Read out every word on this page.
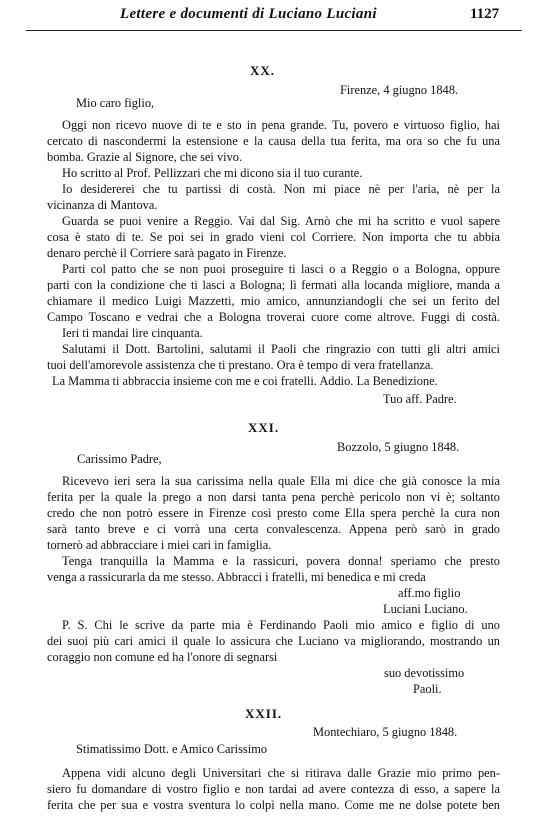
Lettere e documenti di Luciano Luciani	1127
XX.
Firenze, 4 giugno 1848.
Mio caro figlio,
Oggi non ricevo nuove di te e sto in pena grande. Tu, povero e virtuoso figlio, hai
cercato di nascondermi la estensione e la causa della tua ferita, ma ora so che fu una
bomba. Grazie al Signore, che sei vivo.
Ho scritto al Prof. Pellizzari che mi dicono sia il tuo curante.
Io desidererei che tu partissi di costà. Non mi piace nè per l'aria, nè per la
vicinanza di Mantova.
Guarda se puoi venire a Reggio. Vai dal Sig. Arnò che mi ha scritto e vuol sapere
cosa è stato di te. Se poi sei in grado vieni col Corriere. Non importa che tu abbia
denaro perchè il Corriere sarà pagato in Firenze.
Parti col patto che se non puoi proseguire ti lasci o a Reggio o a Bologna, oppure
parti con la condizione che ti lasci a Bologna; lì fermati alla locanda migliore, manda a
chiamare il medico Luigi Mazzetti, mio amico, annunziandogli che sei un ferito del
Campo Toscano e vedrai che a Bologna troverai cuore come altrove. Fuggi di costà.
Ieri ti mandai lire cinquanta.
Salutami il Dott. Bartolini, salutami il Paoli che ringrazio con tutti gli altri amici
tuoi dell'amorevole assistenza che ti prestano. Ora è tempo di vera fratellanza.
La Mamma ti abbraccia insieme con me e coi fratelli. Addio. La Benedizione.
Tuo aff. Padre.
XXI.
Bozzolo, 5 giugno 1848.
Carissimo Padre,
Ricevevo ieri sera la sua carissima nella quale Ella mi dice che già conosce la mia
ferita per la quale la prego a non darsi tanta pena perchè pericolo non vi è; soltanto
credo che non potrò essere in Firenze così presto come Ella spera perchè la cura non
sarà tanto breve e ci vorrà una certa convalescenza. Appena però sarò in grado
tornerò ad abbracciare i miei cari in famiglia.
Tenga tranquilla la Mamma e la rassicuri, povera donna! speriamo che presto
venga a rassicurarla da me stesso. Abbracci i fratelli, mi benedica e mi creda
aff.mo figlio
Luciani Luciano.
P. S. Chi le scrive da parte mia è Ferdinando Paoli mio amico e figlio di uno
dei suoi più cari amici il quale lo assicura che Luciano va migliorando, mostrando un
coraggio non comune ed ha l'onore di segnarsi
suo devotissimo
Paoli.
XXII.
Montechiaro, 5 giugno 1848.
Stimatissimo Dott. e Amico Carissimo
Appena vidi alcuno degli Universitari che si ritirava dalle Grazie mio primo pen-
siero fu domandare di vostro figlio e non tardai ad avere contezza di esso, a sapere la
ferita che per sua e vostra sventura lo colpì nella mano. Come me ne dolse potete ben
